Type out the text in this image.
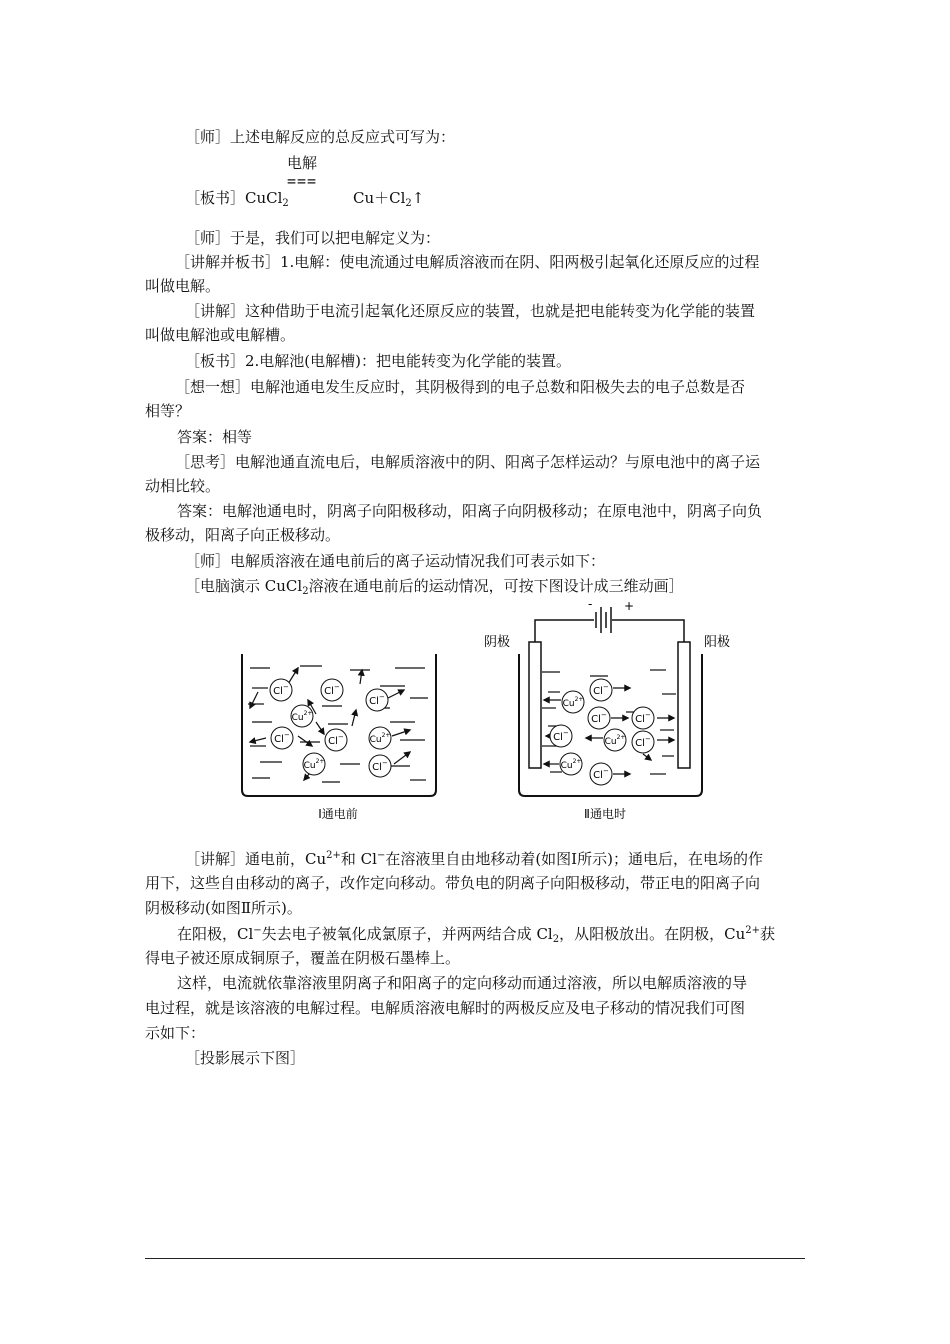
［师］上述电解反应的总反应式可写为：
电解
===
［板书］CuCl$_2$	$Cu+Cl_2↑$
［师］于是，我们可以把电解定义为：
［讲解并板书］1.电解：使电流通过电解质溶液而在阴、阳两极引起氧化还原反应的过程
叫做电解。
［讲解］这种借助于电流引起氧化还原反应的装置，也就是把电能转变为化学能的装置
叫做电解池或电解槽。
［板书］2.电解池(电解槽)：把电能转变为化学能的装置。
［想一想］电解池通电发生反应时，其阴极得到的电子总数和阳极失去的电子总数是否
相等？
答案：相等
［思考］电解池通直流电后，电解质溶液中的阴、阳离子怎样运动？与原电池中的离子运
动相比较。
答案：电解池通电时，阴离子向阳极移动，阳离子向阴极移动；在原电池中，阴离子向负
极移动，阳离子向正极移动。
［师］电解质溶液在通电前后的离子运动情况我们可表示如下：
［电脑演示 CuCl$_2$溶液在通电前后的运动情况，可按下图设计成三维动画］
Cl−	Cl−
Cl−
$Cu^{2+}$
Cl−
Cl−	$Cu^{2+}$
$Cu^{2+}$
Cl−
Ⅰ通电前
-	+
阴极	阳极
$Cu^{2+}$
Cl−
Cl−	Cl−
Cl−
$Cu^{2+}$
Cl−
$Cu^{2+}$
Cl−
Ⅱ通电时
［讲解］通电前，$Cu^{2+}$和 Cl−在溶液里自由地移动着(如图Ⅰ所示)；通电后，在电场的作
用下，这些自由移动的离子，改作定向移动。带负电的阴离子向阳极移动，带正电的阳离子向
阴极移动(如图Ⅱ所示)。
在阳极，Cl−失去电子被氧化成氯原子，并两两结合成 $Cl_2$，从阳极放出。在阴极，$Cu^{2+}$获
得电子被还原成铜原子，覆盖在阴极石墨棒上。
这样，电流就依靠溶液里阴离子和阳离子的定向移动而通过溶液，所以电解质溶液的导
电过程，就是该溶液的电解过程。电解质溶液电解时的两极反应及电子移动的情况我们可图
示如下：
［投影展示下图］
